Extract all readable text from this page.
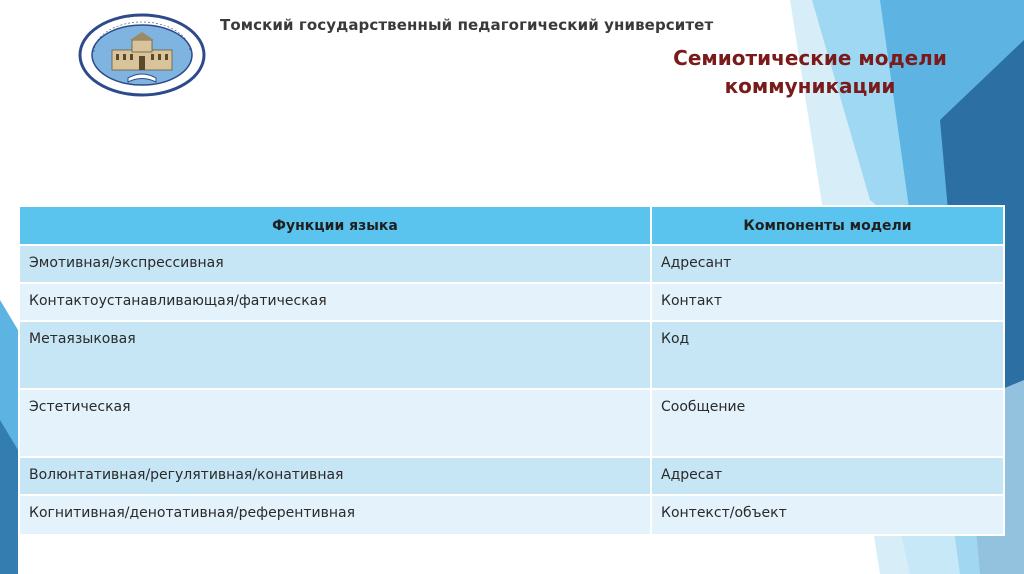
Томский государственный педагогический университет
Семиотические модели
коммуникации
Функции языка	Компоненты модели
Эмотивная/экспрессивная	Адресант
Контактоустанавливающая/фатическая	Контакт
Метаязыковая	Код
Эстетическая	Сообщение
Волюнтативная/регулятивная/конативная	Адресат
Когнитивная/денотативная/референтивная	Контекст/объект
